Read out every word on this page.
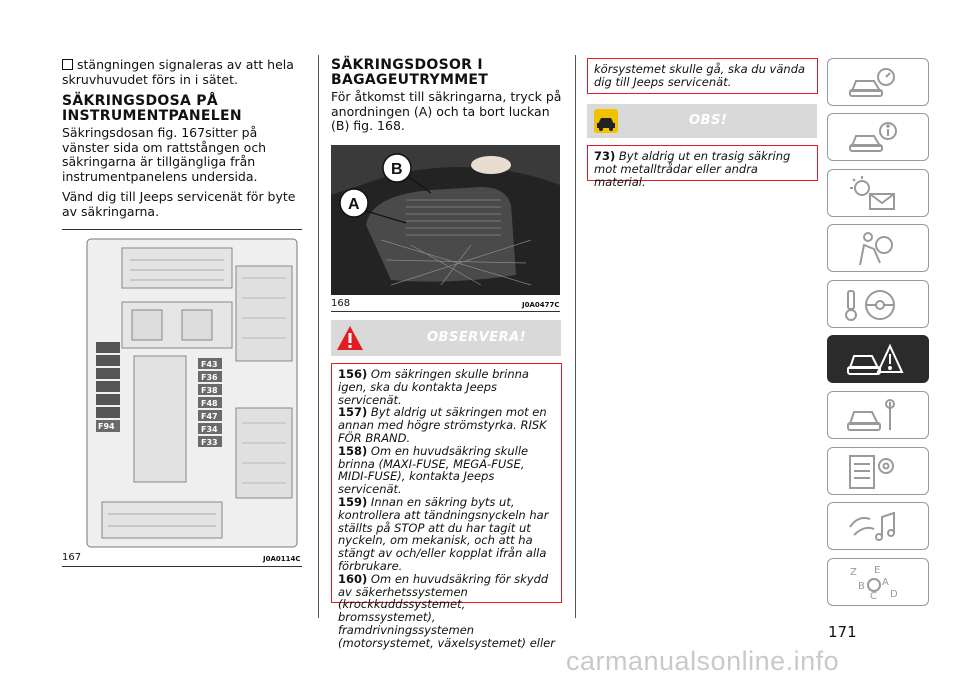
stängningen signaleras av att hela skruvhuvudet förs in i sätet.
SÄKRINGSDOSA PÅ INSTRUMENTPANELEN
Säkringsdosan fig. 167sitter på vänster sida om rattstången och säkringarna är tillgängliga från instrumentpanelens undersida.
Vänd dig till Jeeps servicenät för byte av säkringarna.
F43
F36
F38
F48
F47
F34
F33
F94
167	J0A0114C
SÄKRINGSDOSOR I BAGAGEUTRYMMET
För åtkomst till säkringarna, tryck på anordningen (A) och ta bort luckan (B) fig. 168.
B
A
168	J0A0477C
OBSERVERA!
156) Om säkringen skulle brinna igen, ska du kontakta Jeeps servicenät.
157) Byt aldrig ut säkringen mot en annan med högre strömstyrka. RISK FÖR BRAND.
158) Om en huvudsäkring skulle brinna (MAXI-FUSE, MEGA-FUSE, MIDI-FUSE), kontakta Jeeps servicenät.
159) Innan en säkring byts ut, kontrollera att tändningsnyckeln har ställts på STOP att du har tagit ut nyckeln, om mekanisk, och att ha stängt av och/eller kopplat ifrån alla förbrukare.
160) Om en huvudsäkring för skydd av säkerhetssystemen (krockkuddssystemet, bromssystemet), framdrivningssystemen (motorsystemet, växelsystemet) eller
körsystemet skulle gå, ska du vända dig till Jeeps servicenät.
OBS!
73) Byt aldrig ut en trasig säkring mot metalltrådar eller andra material.
Z E
B A
C D
171
carmanualsonline.info
